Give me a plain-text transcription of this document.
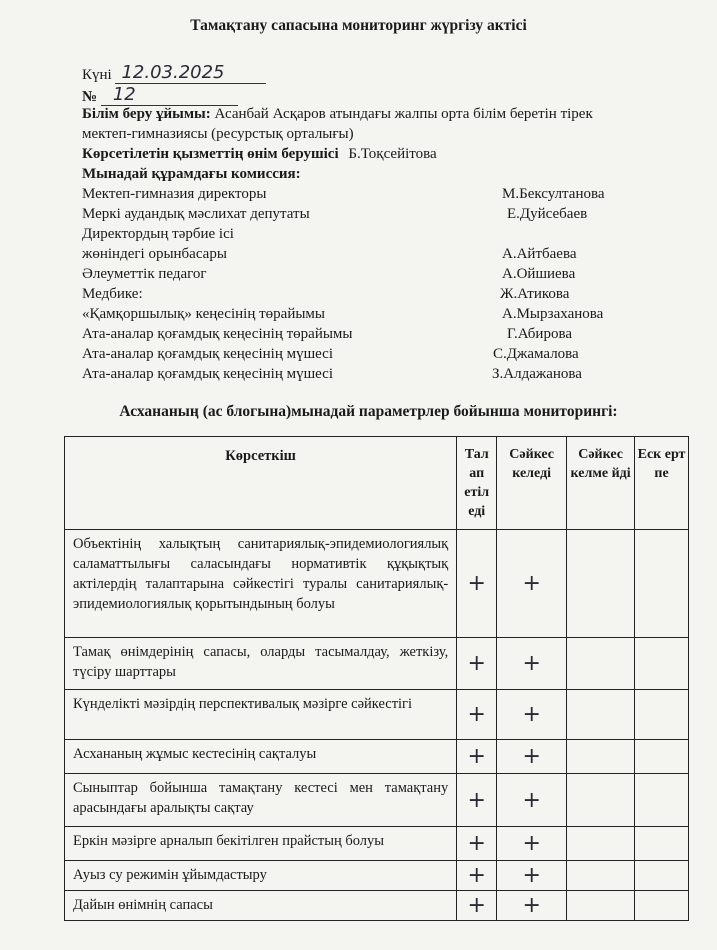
Тамақтану сапасына мониторинг жүргізу актісі
Күні 12.03.2025
№ 12
Білім беру ұйымы: Асанбай Асқаров атындағы жалпы орта білім беретін тірек
мектеп-гимназиясы (ресурстық орталығы)
Көрсетілетін қызметтің өнім берушісі Б.Тоқсейітова
Мынадай құрамдағы комиссия:
Мектеп-гимназия директоры	М.Бексултанова
Меркі аудандық мәслихат депутаты	Е.Дуйсебаев
Директордың тәрбие ісі
жөніндегі орынбасары	А.Айтбаева
Әлеуметтік педагог	А.Ойшиева
Медбике:	Ж.Атикова
«Қамқоршылық» кеңесінің төрайымы	А.Мырзаханова
Ата-аналар қоғамдық кеңесінің төрайымы	Г.Абирова
Ата-аналар қоғамдық кеңесінің мүшесі	С.Джамалова
Ата-аналар қоғамдық кеңесінің мүшесі	З.Алдажанова
Асхананың (ас блогына)мынадай параметрлер бойынша мониторингі:
Көрсеткіш	Тал ап етіл еді	Сәйкес келеді	Сәйкес келме йді	Еск ерт пе
Объектінің халықтың санитариялық-эпидемиологиялық саламаттылығы саласындағы нормативтік құқықтық актілердің талаптарына сәйкестігі туралы санитариялық-эпидемиологиялық қорытындының болуы	+	+		
Тамақ өнімдерінің сапасы, оларды тасымалдау, жеткізу, түсіру шарттары	+	+		
Күнделікті мәзірдің перспективалық мәзірге сәйкестігі	+	+		
Асхананың жұмыс кестесінің сақталуы	+	+		
Сыныптар бойынша тамақтану кестесі мен тамақтану арасындағы аралықты сақтау	+	+		
Еркін мәзірге арналып бекітілген прайстың болуы	+	+		
Ауыз су режимін ұйымдастыру	+	+		
Дайын өнімнің сапасы	+	+		
